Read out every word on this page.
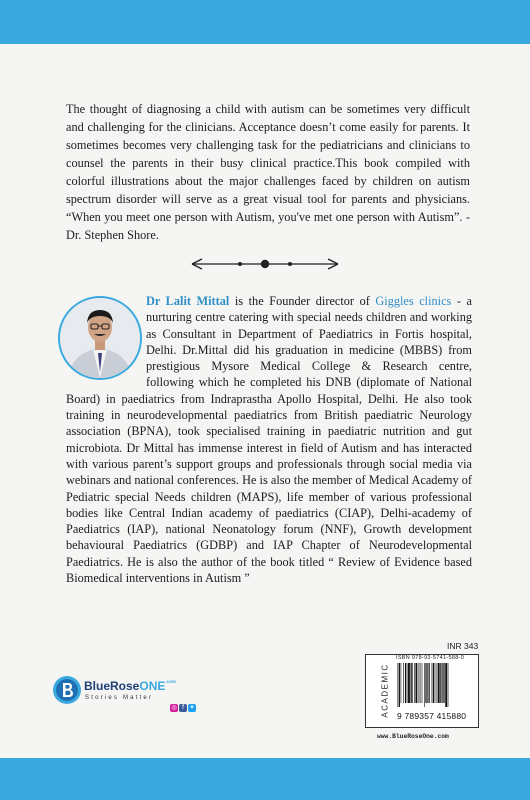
The thought of diagnosing a child with autism can be sometimes very difficult and challenging for the clinicians. Acceptance doesn’t come easily for parents. It sometimes becomes very challenging task for the pediatricians and clinicians to counsel the parents in their busy clinical practice.This book compiled with colorful illustrations about the major challenges faced by children on autism spectrum disorder will serve as a great visual tool for parents and physicians. “When you meet one person with Autism, you've met one person with Autism”. - Dr. Stephen Shore.

Dr Lalit Mittal is the Founder director of Giggles clinics - a nurturing centre catering with special needs children and working as Consultant in Department of Paediatrics in Fortis hospital, Delhi. Dr.Mittal did his graduation in medicine (MBBS) from prestigious Mysore Medical College & Research centre, following which he completed his DNB (diplomate of National Board) in paediatrics from Indraprastha Apollo Hospital, Delhi. He also took training in neurodevelopmental paediatrics from British paediatric Neurology association (BPNA), took specialised training in paediatric nutrition and gut microbiota. Dr Mittal has immense interest in field of Autism and has interacted with various parent’s support groups and professionals through social media via webinars and national conferences. He is also the member of Medical Academy of Pediatric special Needs children (MAPS), life member of various professional bodies like Central Indian academy of paediatrics (CIAP), Delhi-academy of Paediatrics (IAP), national Neonatology forum (NNF), Growth development behavioural Paediatrics (GDBP) and IAP Chapter of Neurodevelopmental Paediatrics. He is also the author of the book titled “ Review of Evidence based Biomedical interventions in Autism ”
BlueRoseONE$^{.com}$
Stories Matter
◎ f ✦
INR 343
ACADEMIC
ISBN 978-93-5741-588-0
9 789357 415880
www.BlueRoseOne.com
